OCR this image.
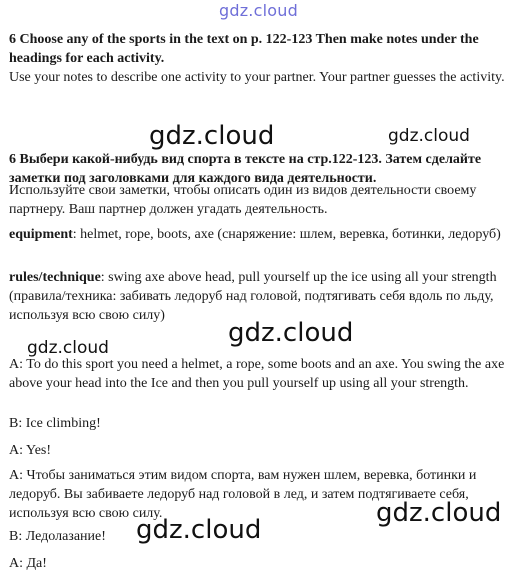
gdz.cloud
gdz.cloud	gdz.cloud
gdz.cloud
gdz.cloud
gdz.cloud
gdz.cloud

6 Choose any of the sports in the text on p. 122-123 Then make notes under the headings for each activity.

Use your notes to describe one activity to your partner. Your partner guesses the activity.

6 Выбери какой-нибудь вид спорта в тексте на стр.122-123. Затем сделайте заметки под заголовками для каждого вида деятельности.

Используйте свои заметки, чтобы описать один из видов деятельности своему партнеру. Ваш партнер должен угадать деятельность.

equipment: helmet, rope, boots, axe (снаряжение: шлем, веревка, ботинки, ледоруб)

rules/technique: swing axe above head, pull yourself up the ice using all your strength (правила/техника: забивать ледоруб над головой, подтягивать себя вдоль по льду, используя всю свою силу)

A: To do this sport you need a helmet, a rope, some boots and an axe. You swing the axe above your head into the Ice and then you pull yourself up using all your strength.

B: Ice climbing!

A: Yes!

А: Чтобы заниматься этим видом спорта, вам нужен шлем, веревка, ботинки и ледоруб. Вы забиваете ледоруб над головой в лед, и затем подтягиваете себя, используя всю свою силу.

В: Ледолазание!

А: Да!
